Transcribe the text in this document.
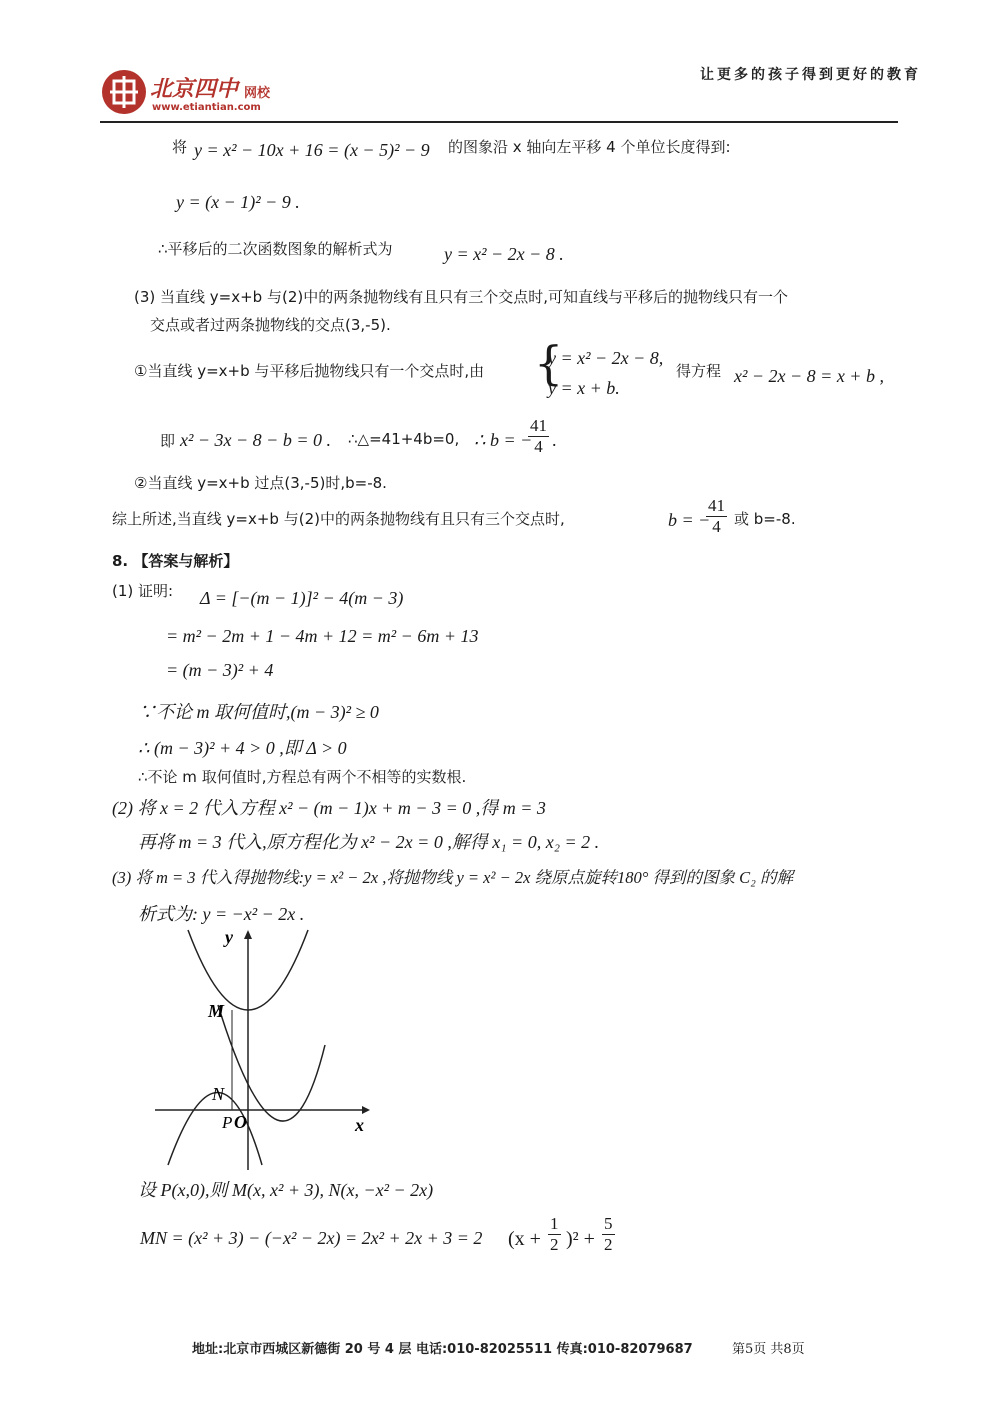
北京四中 网校
www.etiantian.com
让更多的孩子得到更好的教育
将 y = x² − 10x + 16 = (x − 5)² − 9 的图象沿 x 轴向左平移 4 个单位长度得到:
y = (x − 1)² − 9 .
∴平移后的二次函数图象的解析式为	y = x² − 2x − 8 .
(3) 当直线 y=x+b 与(2)中的两条抛物线有且只有三个交点时,可知直线与平移后的抛物线只有一个
交点或者过两条抛物线的交点(3,-5).
①当直线 y=x+b 与平移后抛物线只有一个交点时,由 {
y = x² − 2x − 8,
y = x + b.
得方程 x² − 2x − 8 = x + b ,
即 x² − 3x − 8 − b = 0 . ∴△=41+4b=0, ∴ b = −
$\frac{41}{4}$ .
②当直线 y=x+b 过点(3,-5)时,b=-8.
综上所述,当直线 y=x+b 与(2)中的两条抛物线有且只有三个交点时,	b = −
$\frac{41}{4}$ 或 b=-8.
8. 【答案与解析】
(1) 证明: Δ = [−(m − 1)]² − 4(m − 3)
= m² − 2m + 1 − 4m + 12 = m² − 6m + 13
= (m − 3)² + 4
∵不论 m 取何值时,(m − 3)² ≥ 0
∴ (m − 3)² + 4 > 0 ,即 Δ > 0
∴不论 m 取何值时,方程总有两个不相等的实数根.
(2) 将 x = 2 代入方程 x² − (m − 1)x + m − 3 = 0 ,得 m = 3
再将 m = 3 代入,原方程化为 x² − 2x = 0 ,解得 x₁ = 0, x₂ = 2 .
(3) 将 m = 3 代入得抛物线:y = x² − 2x ,将抛物线 y = x² − 2x 绕原点旋转180° 得到的图象 C₂ 的解
析式为: y = −x² − 2x .
y
x
M
N
P O
设 P(x,0),则 M(x, x² + 3), N(x, −x² − 2x)
MN = (x² + 3) − (−x² − 2x) = 2x² + 2x + 3 = 2 $(x + \frac{1}{2} )^2 + \frac{5}{2}$
地址:北京市西城区新德街 20 号 4 层 电话:010-82025511 传真:010-82079687	第5页 共8页
